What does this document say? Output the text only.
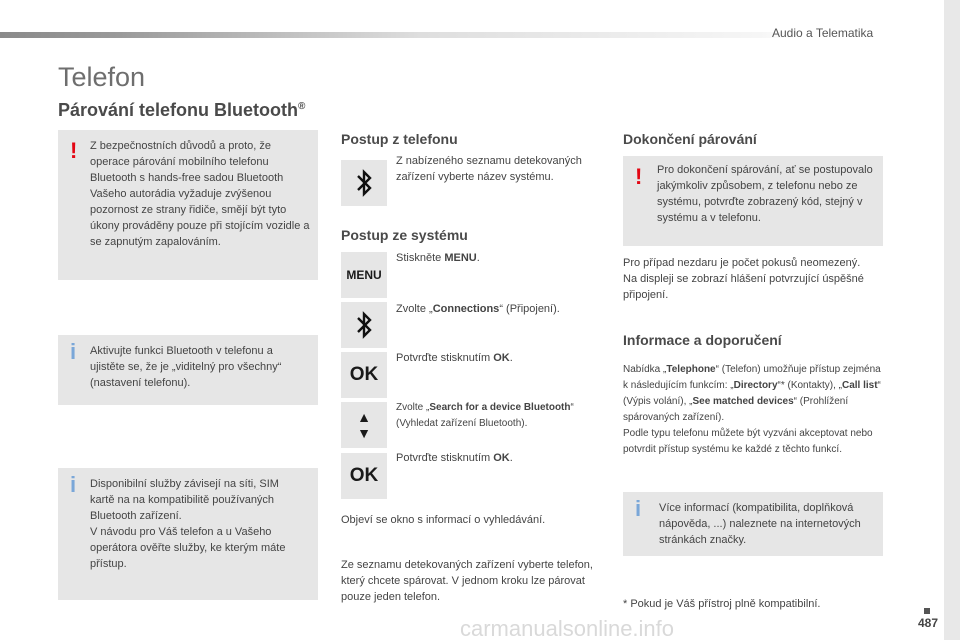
Audio a Telematika
487
carmanualsonline.info
Telefon
Párování telefonu Bluetooth®
! Z bezpečnostních důvodů a proto, že operace párování mobilního telefonu Bluetooth s hands-free sadou Bluetooth Vašeho autorádia vyžaduje zvýšenou pozornost ze strany řidiče, smějí být tyto úkony prováděny pouze při stojícím vozidle a se zapnutým zapalováním.

i Aktivujte funkci Bluetooth v telefonu a ujistěte se, že je „viditelný pro všechny“ (nastavení telefonu).

i Disponibilní služby závisejí na síti, SIM kartě na na kompatibilitě používaných Bluetooth zařízení.
V návodu pro Váš telefon a u Vašeho operátora ověřte služby, ke kterým máte přístup.

Postup z telefonu
Z nabízeného seznamu detekovaných zařízení vyberte název systému.
Postup ze systému
MENU
Stiskněte MENU.
Zvolte „Connections“ (Připojení).
OK
Potvrďte stisknutím OK.
▲
▼
Zvolte „Search for a device Bluetooth“ (Vyhledat zařízení Bluetooth).
OK
Potvrďte stisknutím OK.
Objeví se okno s informací o vyhledávání.
Ze seznamu detekovaných zařízení vyberte telefon, který chcete spárovat. V jednom kroku lze párovat pouze jeden telefon.
Dokončení párování
! Pro dokončení spárování, ať se postupovalo jakýmkoliv způsobem, z telefonu nebo ze systému, potvrďte zobrazený kód, stejný v systému a v telefonu.

Pro případ nezdaru je počet pokusů neomezený.
Na displeji se zobrazí hlášení potvrzující úspěšné připojení.
Informace a doporučení
Nabídka „Telephone“ (Telefon) umožňuje přístup zejména k následujícím funkcím: „Directory“* (Kontakty), „Call list“ (Výpis volání), „See matched devices“ (Prohlížení spárovaných zařízení).
Podle typu telefonu můžete být vyzváni akceptovat nebo potvrdit přístup systému ke každé z těchto funkcí.
i Více informací (kompatibilita, doplňková nápověda, ...) naleznete na internetových stránkách značky.

* Pokud je Váš přístroj plně kompatibilní.
